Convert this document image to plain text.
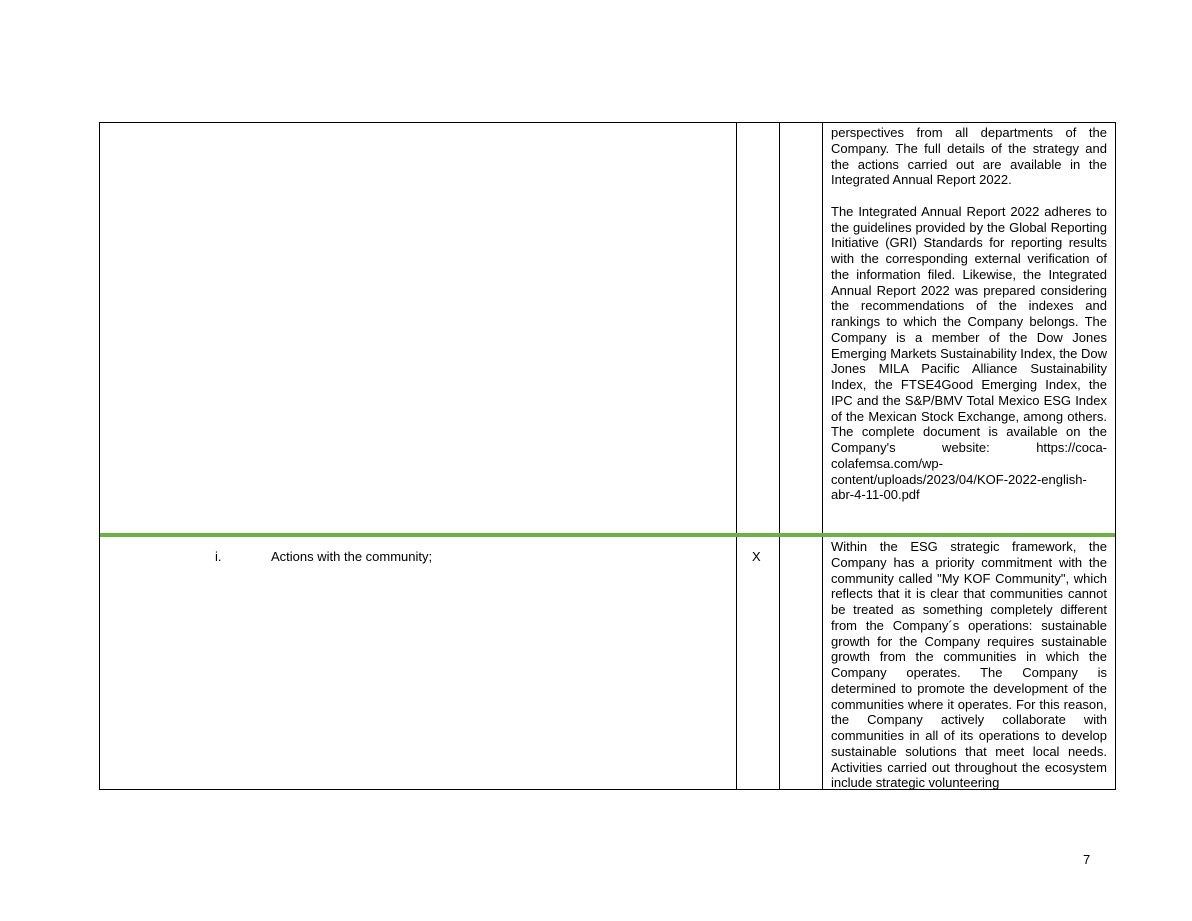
perspectives from all departments of the Company. The full details of the strategy and the actions carried out are available in the Integrated Annual Report 2022.

The Integrated Annual Report 2022 adheres to the guidelines provided by the Global Reporting Initiative (GRI) Standards for reporting results with the corresponding external verification of the information filed. Likewise, the Integrated Annual Report 2022 was prepared considering the recommendations of the indexes and rankings to which the Company belongs. The Company is a member of the Dow Jones Emerging Markets Sustainability Index, the Dow Jones MILA Pacific Alliance Sustainability Index, the FTSE4Good Emerging Index, the IPC and the S&P/BMV Total Mexico ESG Index of the Mexican Stock Exchange, among others. The complete document is available on the Company's website: https://coca-colafemsa.com/wp-content/uploads/2023/04/KOF-2022-english-abr-4-11-00.pdf

i.	Actions with the community;	X

Within the ESG strategic framework, the Company has a priority commitment with the community called "My KOF Community", which reflects that it is clear that communities cannot be treated as something completely different from the Company´s operations: sustainable growth for the Company requires sustainable growth from the communities in which the Company operates. The Company is determined to promote the development of the communities where it operates. For this reason, the Company actively collaborate with communities in all of its operations to develop sustainable solutions that meet local needs. Activities carried out throughout the ecosystem include strategic volunteering

7
